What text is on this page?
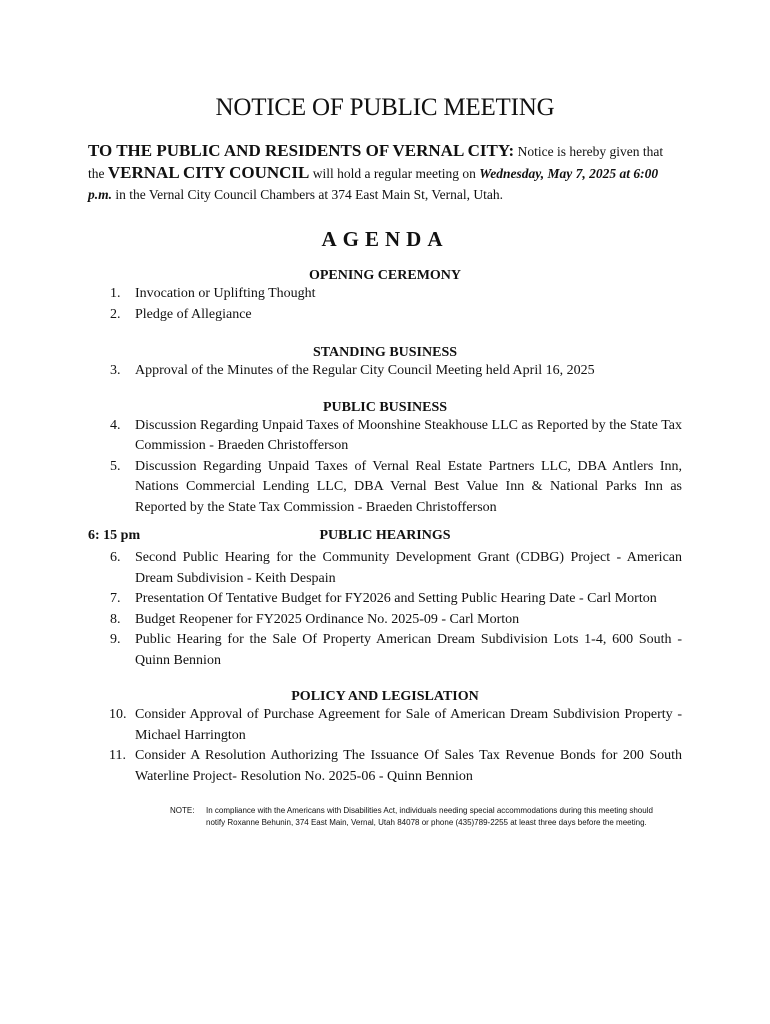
NOTICE OF PUBLIC MEETING

TO THE PUBLIC AND RESIDENTS OF VERNAL CITY: Notice is hereby given that the VERNAL CITY COUNCIL will hold a regular meeting on Wednesday, May 7, 2025 at 6:00 p.m. in the Vernal City Council Chambers at 374 East Main St, Vernal, Utah.

AGENDA
OPENING CEREMONY
1. Invocation or Uplifting Thought
2. Pledge of Allegiance
STANDING BUSINESS
3. Approval of the Minutes of the Regular City Council Meeting held April 16, 2025
PUBLIC BUSINESS
4. Discussion Regarding Unpaid Taxes of Moonshine Steakhouse LLC as Reported by the State Tax Commission - Braeden Christofferson
5. Discussion Regarding Unpaid Taxes of Vernal Real Estate Partners LLC, DBA Antlers Inn, Nations Commercial Lending LLC, DBA Vernal Best Value Inn & National Parks Inn as Reported by the State Tax Commission - Braeden Christofferson
6: 15 pm	PUBLIC HEARINGS
6. Second Public Hearing for the Community Development Grant (CDBG) Project - American Dream Subdivision - Keith Despain
7. Presentation Of Tentative Budget for FY2026 and Setting Public Hearing Date - Carl Morton
8. Budget Reopener for FY2025 Ordinance No. 2025-09 - Carl Morton
9. Public Hearing for the Sale Of Property American Dream Subdivision Lots 1-4, 600 South - Quinn Bennion
POLICY AND LEGISLATION
10. Consider Approval of Purchase Agreement for Sale of American Dream Subdivision Property - Michael Harrington
11. Consider A Resolution Authorizing The Issuance Of Sales Tax Revenue Bonds for 200 South Waterline Project- Resolution No. 2025-06 - Quinn Bennion
NOTE:	In compliance with the Americans with Disabilities Act, individuals needing special accommodations during this meeting should notify Roxanne Behunin, 374 East Main, Vernal, Utah 84078 or phone (435)789-2255 at least three days before the meeting.
